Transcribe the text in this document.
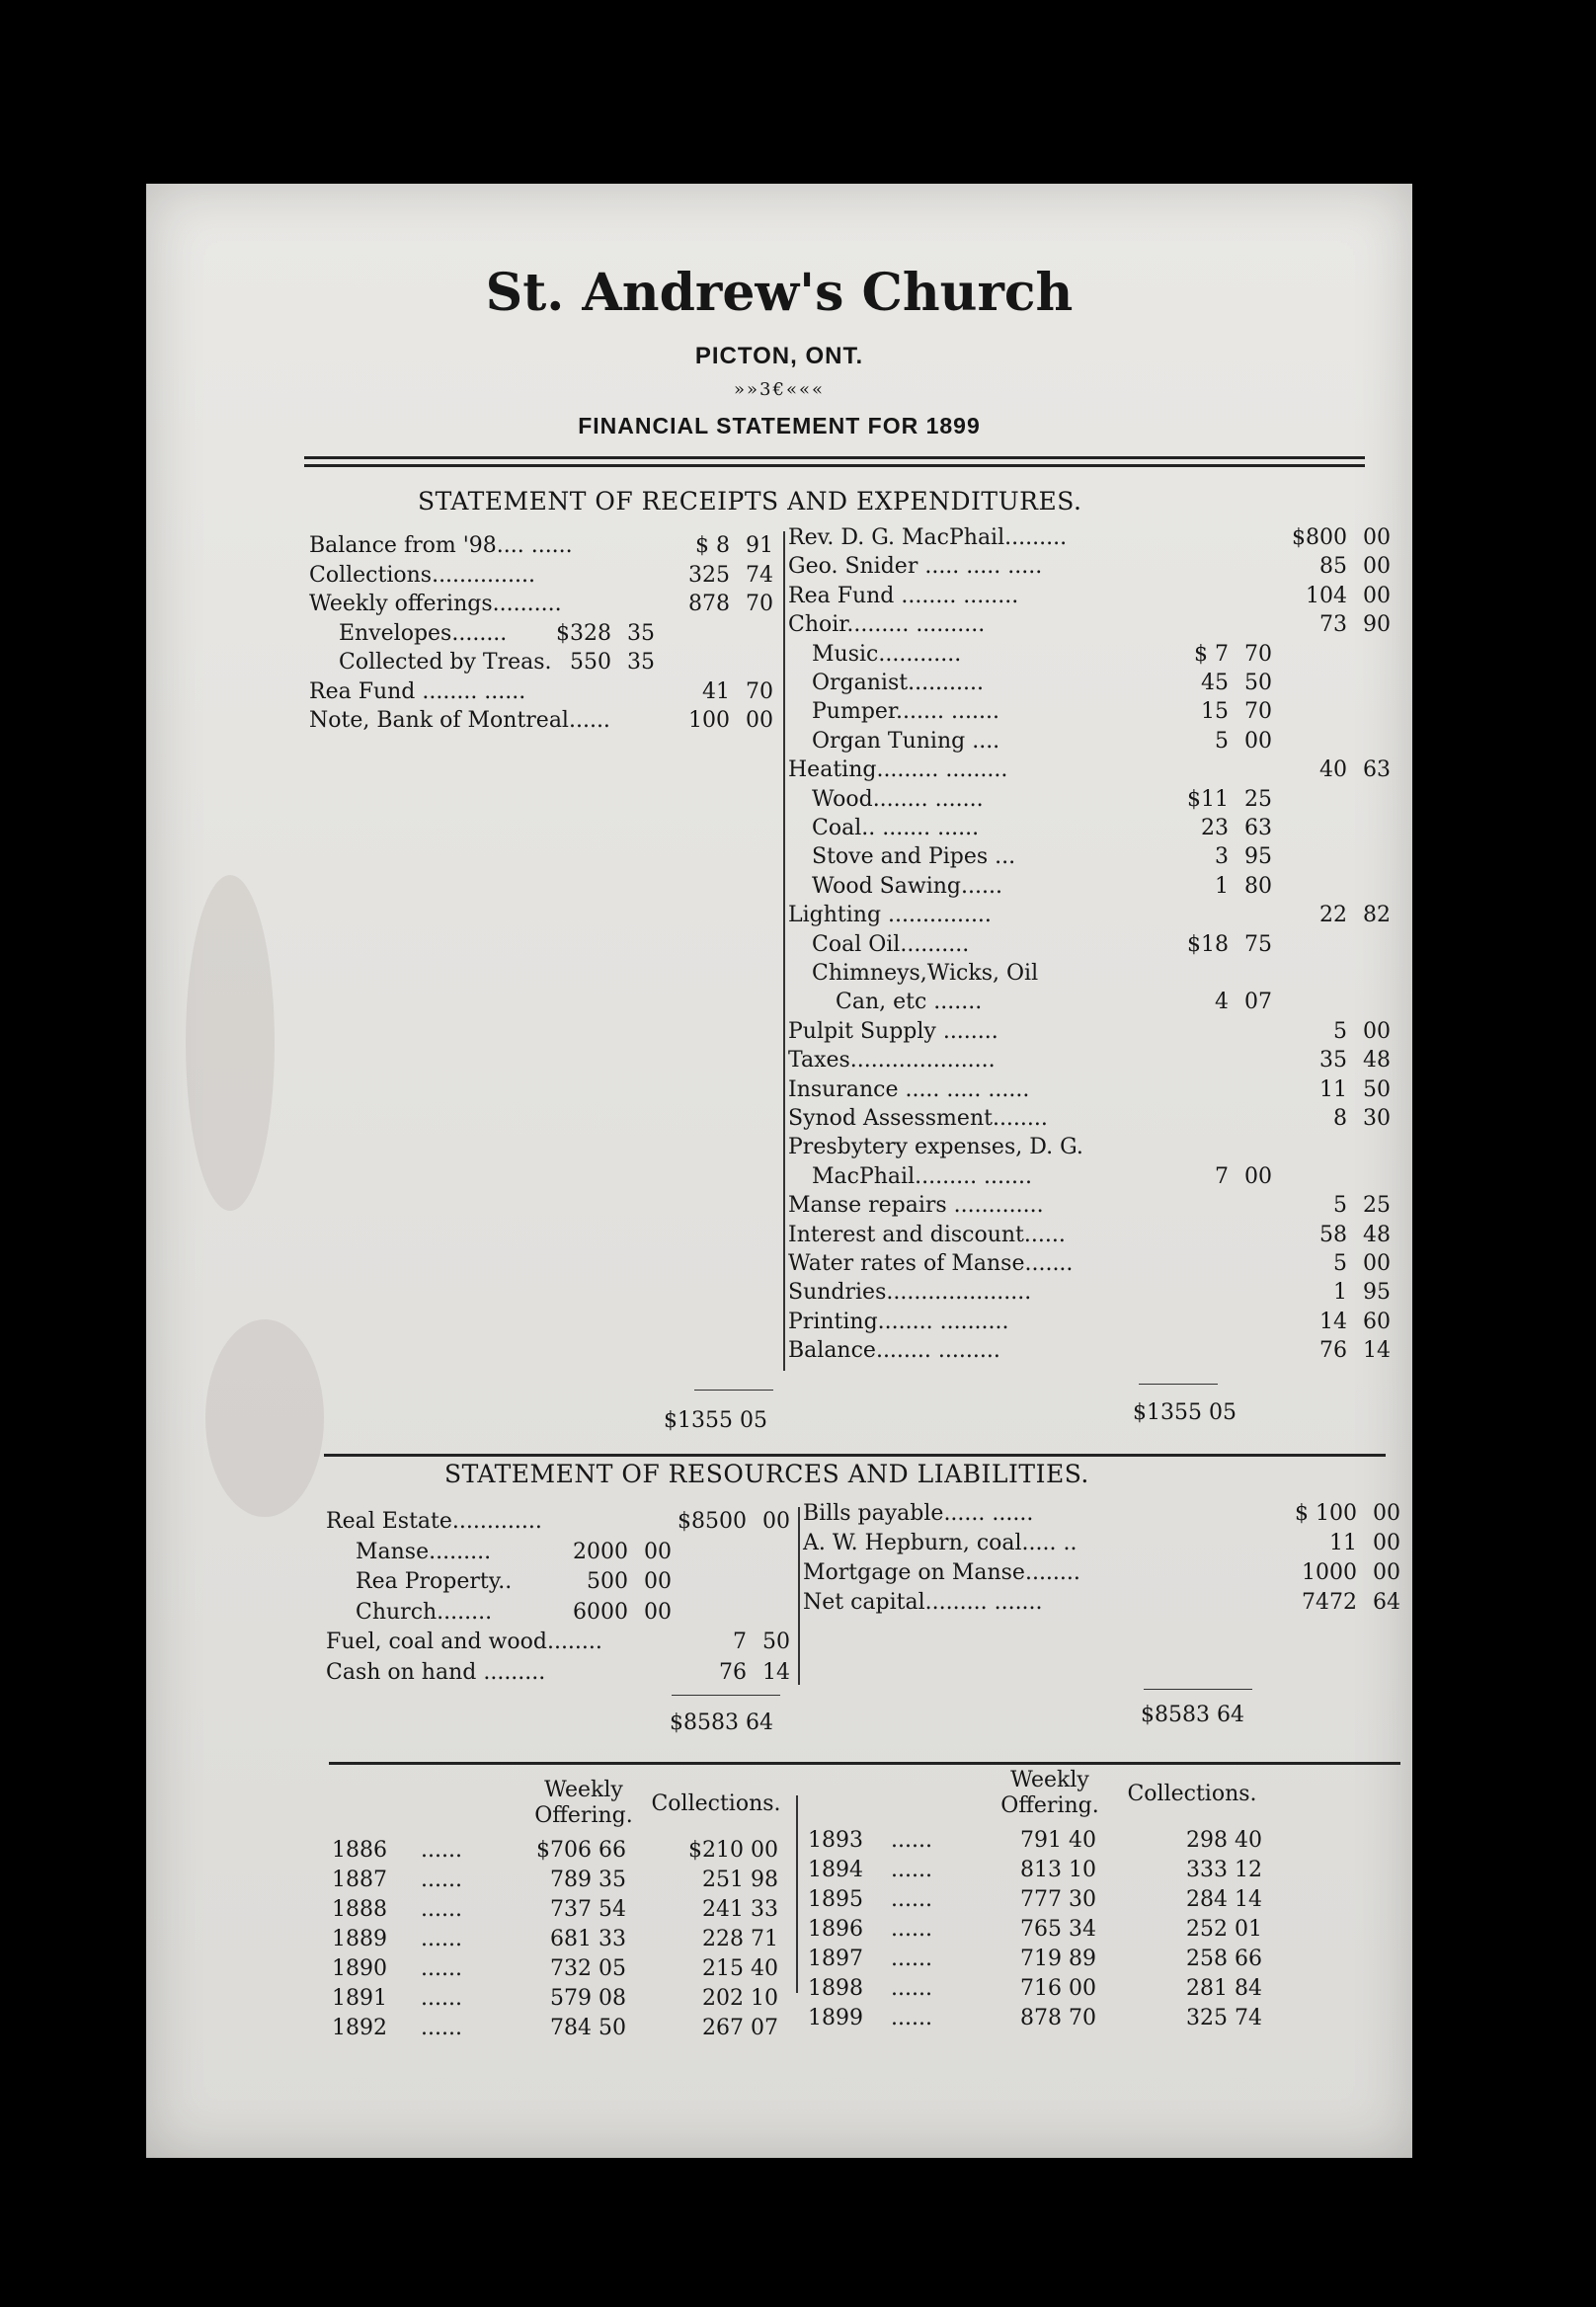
St. Andrew's Church
PICTON, ONT.
»»3€«««
FINANCIAL STATEMENT FOR 1899
STATEMENT OF RECEIPTS AND EXPENDITURES.
Balance from '98.... ......	$ 8 91
Collections...............	325 74
Weekly offerings..........	878 70
Envelopes........ $328 35
Collected by Treas. 550 35
Rea Fund ........ ......	41 70
Note, Bank of Montreal......	100 00
Rev. D. G. MacPhail.........	$800 00
Geo. Snider ..... ..... .....	85 00
Rea Fund ........ ........	104 00
Choir......... ..........	73 90
Music............	$ 7 70
Organist...........	45 50
Pumper....... .......	15 70
Organ Tuning ....	5 00
Heating......... .........	40 63
Wood........ .......	$11 25
Coal.. ....... ......	23 63
Stove and Pipes ...	3 95
Wood Sawing......	1 80
Lighting ...............	22 82
Coal Oil..........	$18 75
Chimneys,Wicks, Oil
Can, etc .......	4 07
Pulpit Supply ........	5 00
Taxes.....................	35 48
Insurance ..... ..... ......	11 50
Synod Assessment........	8 30
Presbytery expenses, D. G.
MacPhail......... .......	7 00
Manse repairs .............	5 25
Interest and discount......	58 48
Water rates of Manse.......	5 00
Sundries.....................	1 95
Printing........ ..........	14 60
Balance........ .........	76 14
$1355 05	$1355 05
STATEMENT OF RESOURCES AND LIABILITIES.
Real Estate.............	$8500 00
Manse.........	2000 00
Rea Property..	500 00
Church........	6000 00
Fuel, coal and wood........	7 50
Cash on hand .........	76 14
Bills payable...... ......	$ 100 00
A. W. Hepburn, coal..... ..	11 00
Mortgage on Manse........	1000 00
Net capital......... .......	7472 64
$8583 64	$8583 64
Weekly
Offering. Collections.
Weekly
Offering.	Collections.
1886 ......	$706 66	$210 00
1887 ......	789 35	251 98
1888 ......	737 54	241 33
1889 ......	681 33	228 71
1890 ......	732 05	215 40
1891 ......	579 08	202 10
1892 ......	784 50	267 07
1893 ......	791 40	298 40
1894 ......	813 10	333 12
1895 ......	777 30	284 14
1896 ......	765 34	252 01
1897 ......	719 89	258 66
1898 ......	716 00	281 84
1899 ......	878 70	325 74
